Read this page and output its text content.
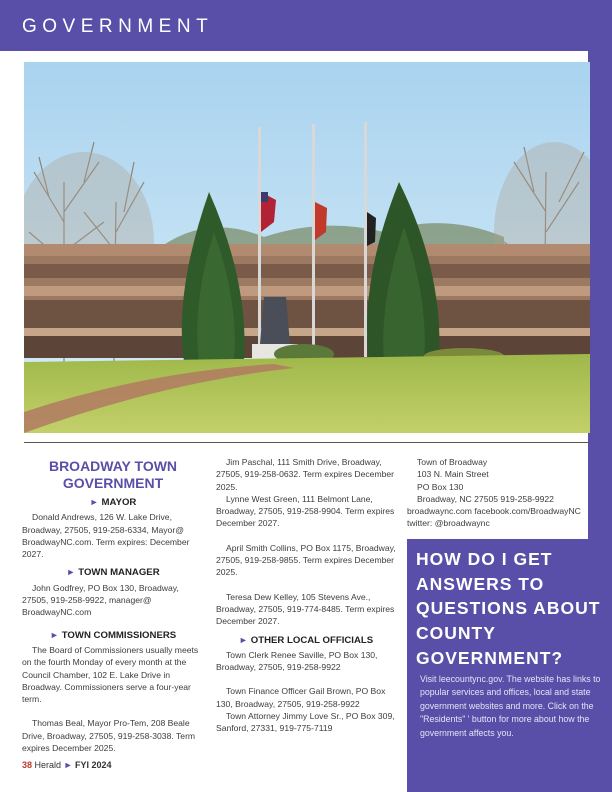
GOVERNMENT
BROADWAY TOWN GOVERNMENT
► MAYOR
Donald Andrews, 126 W. Lake Drive, Broadway, 27505, 919-258-6334, Mayor@ BroadwayNC.com. Term expires: December 2027.
► TOWN MANAGER
John Godfrey, PO Box 130, Broadway, 27505, 919-258-9922, manager@ BroadwayNC.com
► TOWN COMMISSIONERS
The Board of Commissioners usually meets on the fourth Monday of every month at the Council Chamber, 102 E. Lake Drive in Broadway. Commissioners serve a four-year term.
Thomas Beal, Mayor Pro-Tem, 208 Beale Drive, Broadway, 27505, 919-258-3038. Term expires December 2025.
Jim Paschal, 111 Smith Drive, Broadway, 27505, 919-258-0632. Term expires December 2025.
Lynne West Green, 111 Belmont Lane, Broadway, 27505, 919-258-9904. Term expires December 2027.
April Smith Collins, PO Box 1175, Broadway, 27505, 919-258-9855. Term expires December 2025.
Teresa Dew Kelley, 105 Stevens Ave., Broadway, 27505, 919-774-8485. Term expires December 2027.
► OTHER LOCAL OFFICIALS
Town Clerk Renee Saville, PO Box 130, Broadway, 27505, 919-258-9922
Town Finance Officer Gail Brown, PO Box 130, Broadway, 27505, 919-258-9922
Town Attorney Jimmy Love Sr., PO Box 309, Sanford, 27331, 919-775-7119
Town of Broadway
103 N. Main Street
PO Box 130
Broadway, NC 27505 919-258-9922
broadwaync.com facebook.com/BroadwayNC
twitter: @broadwaync
HOW DO I GET ANSWERS TO QUESTIONS ABOUT COUNTY GOVERNMENT?
Visit leecountync.gov. The website has links to popular services and offices, local and state government websites and more. Click on the "Residents" ' button for more about how the government affects you.
38 Herald ► FYI 2024
